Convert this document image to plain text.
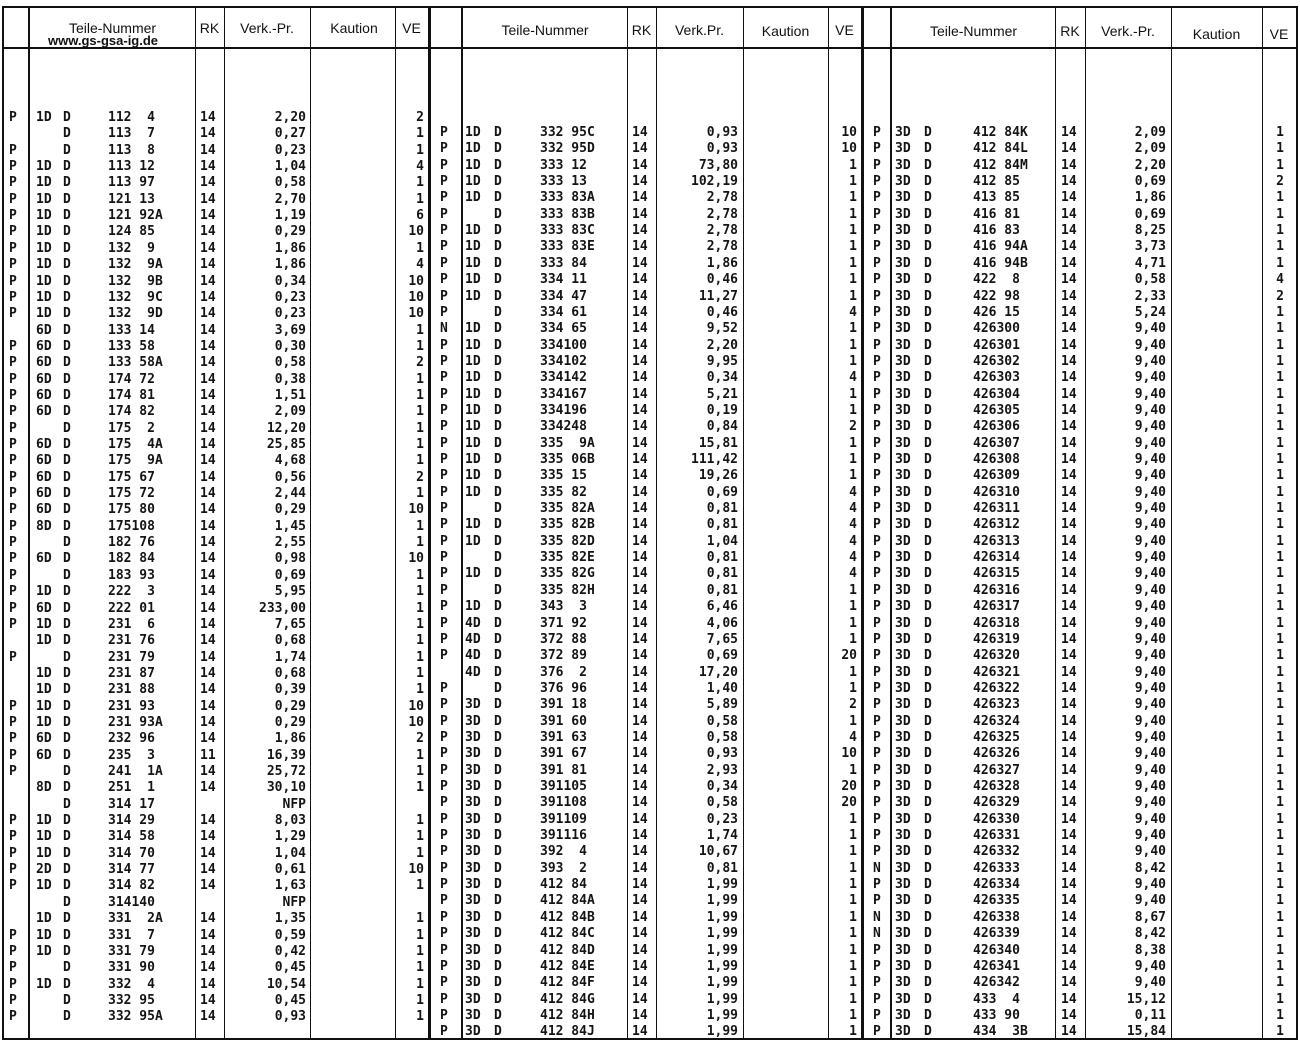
Teile-Nummer
www.gs-gsa-ig.de
RK	Verk.-Pr.	Kaution	VE	Teile-Nummer	RK	Verk.Pr.	Kaution	VE	Teile-Nummer	RK	Verk.-Pr.	Kaution	VE
P 1D D	112  4	14	2,20	2
D	113  7	14	0,27	1
P	D	113  8	14	0,23	1
P 1D D	113 12	14	1,04	4
P 1D D	113 97	14	0,58	1
P 1D D	121 13	14	2,70	1
P 1D D	121 92A	14	1,19	6
P 1D D	124 85	14	0,29	10
P 1D D	132  9	14	1,86	1
P 1D D	132  9A	14	1,86	4
P 1D D	132  9B	14	0,34	10
P 1D D	132  9C	14	0,23	10
P 1D D	132  9D	14	0,23	10
6D D	133 14	14	3,69	1
P 6D D	133 58	14	0,30	1
P 6D D	133 58A	14	0,58	2
P 6D D	174 72	14	0,38	1
P 6D D	174 81	14	1,51	1
P 6D D	174 82	14	2,09	1
P	D	175  2	14	12,20	1
P 6D D	175  4A	14	25,85	1
P 6D D	175  9A	14	4,68	1
P 6D D	175 67	14	0,56	2
P 6D D	175 72	14	2,44	1
P 6D D	175 80	14	0,29	10
P 8D D	175108	14	1,45	1
P	D	182 76	14	2,55	1
P 6D D	182 84	14	0,98	10
P	D	183 93	14	0,69	1
P 1D D	222  3	14	5,95	1
P 6D D	222 01	14	233,00	1
P 1D D	231  6	14	7,65	1
1D D	231 76	14	0,68	1
P	D	231 79	14	1,74	1
1D D	231 87	14	0,68	1
1D D	231 88	14	0,39	1
P 1D D	231 93	14	0,29	10
P 1D D	231 93A	14	0,29	10
P 6D D	232 96	14	1,86	2
P 6D D	235  3	11	16,39	1
P	D	241  1A	14	25,72	1
8D D	251  1	14	30,10	1
D	314 17	NFP
P 1D D	314 29	14	8,03	1
P 1D D	314 58	14	1,29	1
P 1D D	314 70	14	1,04	1
P 2D D	314 77	14	0,61	10
P 1D D	314 82	14	1,63	1
D	314140	NFP
1D D	331  2A	14	1,35	1
P 1D D	331  7	14	0,59	1
P 1D D	331 79	14	0,42	1
P	D	331 90	14	0,45	1
P 1D D	332  4	14	10,54	1
P	D	332 95	14	0,45	1
P	D	332 95A	14	0,93	1
P 1D D	332 95C	14	0,93	10
P 1D D	332 95D	14	0,93	10
P 1D D	333 12	14	73,80	1
P 1D D	333 13	14	102,19	1
P 1D D	333 83A	14	2,78	1
P	D	333 83B	14	2,78	1
P 1D D	333 83C	14	2,78	1
P 1D D	333 83E	14	2,78	1
P 1D D	333 84	14	1,86	1
P 1D D	334 11	14	0,46	1
P 1D D	334 47	14	11,27	1
P	D	334 61	14	0,46	4
N 1D D	334 65	14	9,52	1
P 1D D	334100	14	2,20	1
P 1D D	334102	14	9,95	1
P 1D D	334142	14	0,34	4
P 1D D	334167	14	5,21	1
P 1D D	334196	14	0,19	1
P 1D D	334248	14	0,84	2
P 1D D	335  9A	14	15,81	1
P 1D D	335 06B	14	111,42	1
P 1D D	335 15	14	19,26	1
P 1D D	335 82	14	0,69	4
P	D	335 82A	14	0,81	4
P 1D D	335 82B	14	0,81	4
P 1D D	335 82D	14	1,04	4
P	D	335 82E	14	0,81	4
P 1D D	335 82G	14	0,81	4
P	D	335 82H	14	0,81	1
P 1D D	343  3	14	6,46	1
P 4D D	371 92	14	4,06	1
P 4D D	372 88	14	7,65	1
P 4D D	372 89	14	0,69	20
4D D	376  2	14	17,20	1
P	D	376 96	14	1,40	1
P 3D D	391 18	14	5,89	2
P 3D D	391 60	14	0,58	1
P 3D D	391 63	14	0,58	4
P 3D D	391 67	14	0,93	10
P 3D D	391 81	14	2,93	1
P 3D D	391105	14	0,34	20
P 3D D	391108	14	0,58	20
P 3D D	391109	14	0,23	1
P 3D D	391116	14	1,74	1
P 3D D	392  4	14	10,67	1
P 3D D	393  2	14	0,81	1
P 3D D	412 84	14	1,99	1
P 3D D	412 84A	14	1,99	1
P 3D D	412 84B	14	1,99	1
P 3D D	412 84C	14	1,99	1
P 3D D	412 84D	14	1,99	1
P 3D D	412 84E	14	1,99	1
P 3D D	412 84F	14	1,99	1
P 3D D	412 84G	14	1,99	1
P 3D D	412 84H	14	1,99	1
P 3D D	412 84J	14	1,99	1
P 3D D	412 84K	14	2,09	1
P 3D D	412 84L	14	2,09	1
P 3D D	412 84M	14	2,20	1
P 3D D	412 85	14	0,69	2
P 3D D	413 85	14	1,86	1
P 3D D	416 81	14	0,69	1
P 3D D	416 83	14	8,25	1
P 3D D	416 94A	14	3,73	1
P 3D D	416 94B	14	4,71	1
P 3D D	422  8	14	0,58	4
P 3D D	422 98	14	2,33	2
P 3D D	426 15	14	5,24	1
P 3D D	426300	14	9,40	1
P 3D D	426301	14	9,40	1
P 3D D	426302	14	9,40	1
P 3D D	426303	14	9,40	1
P 3D D	426304	14	9,40	1
P 3D D	426305	14	9,40	1
P 3D D	426306	14	9,40	1
P 3D D	426307	14	9,40	1
P 3D D	426308	14	9,40	1
P 3D D	426309	14	9,40	1
P 3D D	426310	14	9,40	1
P 3D D	426311	14	9,40	1
P 3D D	426312	14	9,40	1
P 3D D	426313	14	9,40	1
P 3D D	426314	14	9,40	1
P 3D D	426315	14	9,40	1
P 3D D	426316	14	9,40	1
P 3D D	426317	14	9,40	1
P 3D D	426318	14	9,40	1
P 3D D	426319	14	9,40	1
P 3D D	426320	14	9,40	1
P 3D D	426321	14	9,40	1
P 3D D	426322	14	9,40	1
P 3D D	426323	14	9,40	1
P 3D D	426324	14	9,40	1
P 3D D	426325	14	9,40	1
P 3D D	426326	14	9,40	1
P 3D D	426327	14	9,40	1
P 3D D	426328	14	9,40	1
P 3D D	426329	14	9,40	1
P 3D D	426330	14	9,40	1
P 3D D	426331	14	9,40	1
P 3D D	426332	14	9,40	1
N 3D D	426333	14	8,42	1
P 3D D	426334	14	9,40	1
P 3D D	426335	14	9,40	1
N 3D D	426338	14	8,67	1
N 3D D	426339	14	8,42	1
P 3D D	426340	14	8,38	1
P 3D D	426341	14	9,40	1
P 3D D	426342	14	9,40	1
P 3D D	433  4	14	15,12	1
P 3D D	433 90	14	0,11	1
P 3D D	434  3B	14	15,84	1
